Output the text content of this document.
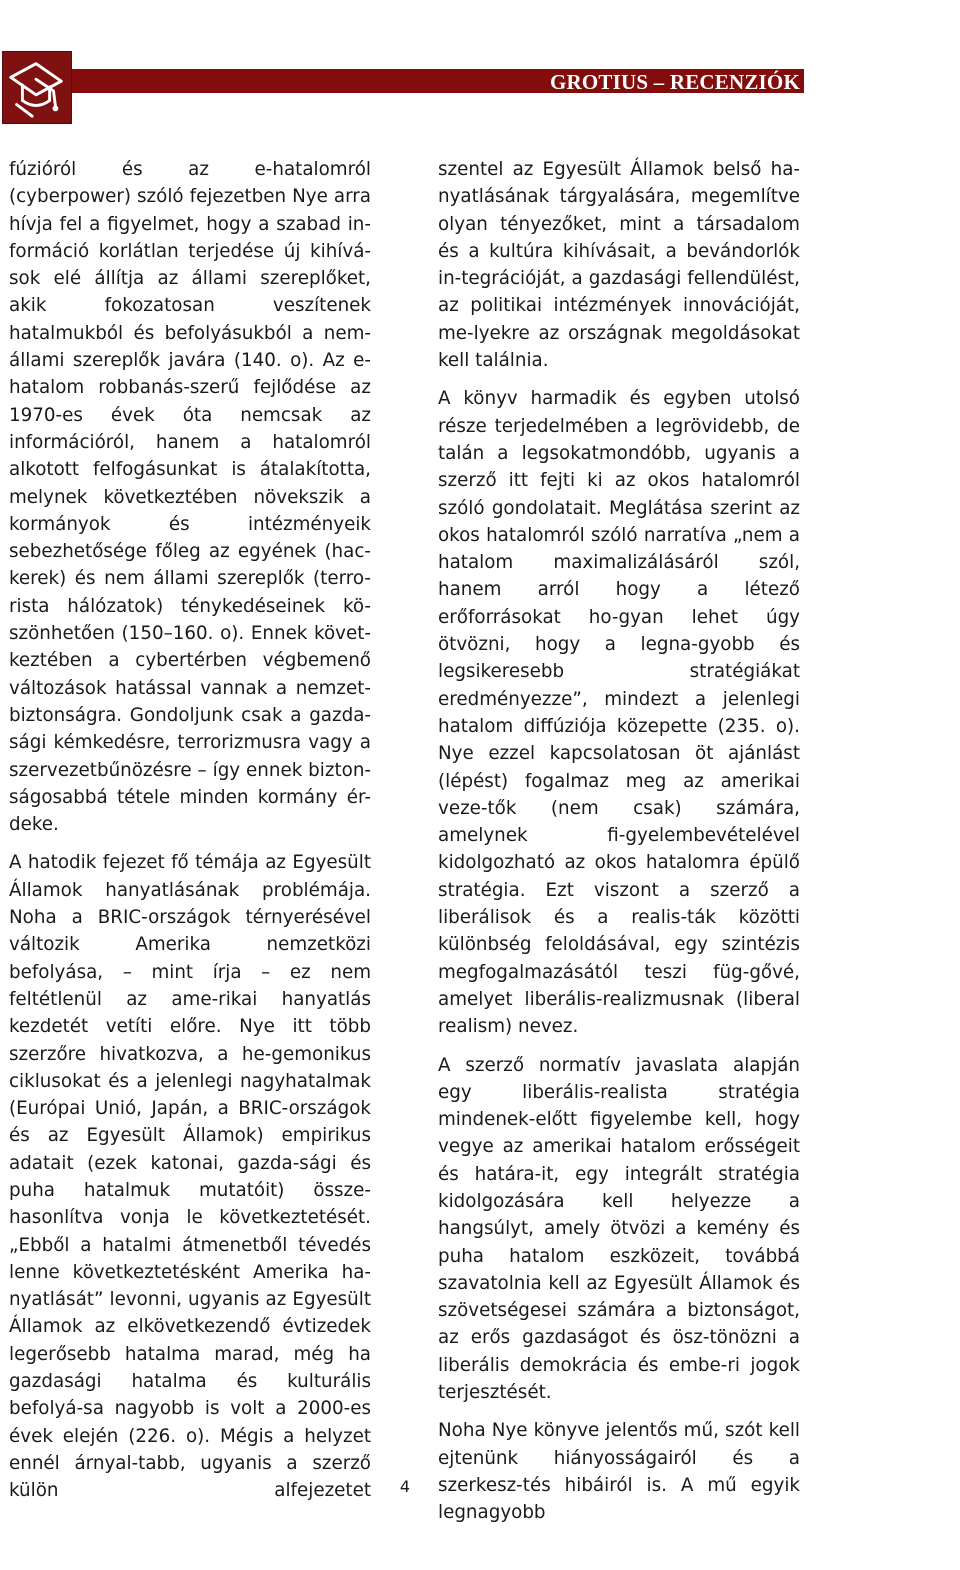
GROTIUS – RECENZIÓK

fúzióról és az e-hatalomról (cyberpower) szóló fejezetben Nye arra hívja fel a figyelmet, hogy a szabad in-formáció korlátlan terjedése új kihívá-sok elé állítja az állami szereplőket, akik fokozatosan veszítenek hatalmukból és befolyásukból a nem-állami szereplők javára (140. o). Az e-hatalom robbanás-szerű fejlődése az 1970-es évek óta nemcsak az információról, hanem a hatalomról alkotott felfogásunkat is átalakította, melynek következtében növekszik a kormányok és intézményeik sebezhetősége főleg az egyének (hac-kerek) és nem állami szereplők (terro-rista hálózatok) ténykedéseinek kö-szönhetően (150–160. o). Ennek követ-keztében a cybertérben végbemenő változások hatással vannak a nemzet-biztonságra. Gondoljunk csak a gazda-sági kémkedésre, terrorizmusra vagy a szervezetbűnözésre – így ennek bizton-ságosabbá tétele minden kormány ér-deke.

A hatodik fejezet fő témája az Egyesült Államok hanyatlásának problémája. Noha a BRIC-országok térnyerésével változik Amerika nemzetközi befolyása, – mint írja – ez nem feltétlenül az ame-rikai hanyatlás kezdetét vetíti előre. Nye itt több szerzőre hivatkozva, a he-gemonikus ciklusokat és a jelenlegi nagyhatalmak (Európai Unió, Japán, a BRIC-országok és az Egyesült Államok) empirikus adatait (ezek katonai, gazda-sági és puha hatalmuk mutatóit) össze-hasonlítva vonja le következtetését. „Ebből a hatalmi átmenetből tévedés lenne következtetésként Amerika ha-nyatlását” levonni, ugyanis az Egyesült Államok az elkövetkezendő évtizedek legerősebb hatalma marad, még ha gazdasági hatalma és kulturális befolyá-sa nagyobb is volt a 2000-es évek elején (226. o). Mégis a helyzet ennél árnyal-tabb, ugyanis a szerző külön alfejezetet

szentel az Egyesült Államok belső ha-nyatlásának tárgyalására, megemlítve olyan tényezőket, mint a társadalom és a kultúra kihívásait, a bevándorlók in-tegrációját, a gazdasági fellendülést, az politikai intézmények innovációját, me-lyekre az országnak megoldásokat kell találnia.

A könyv harmadik és egyben utolsó része terjedelmében a legrövidebb, de talán a legsokatmondóbb, ugyanis a szerző itt fejti ki az okos hatalomról szóló gondolatait. Meglátása szerint az okos hatalomról szóló narratíva „nem a hatalom maximalizálásáról szól, hanem arról hogy a létező erőforrásokat ho-gyan lehet úgy ötvözni, hogy a legna-gyobb és legsikeresebb stratégiákat eredményezze”, mindezt a jelenlegi hatalom diffúziója közepette (235. o). Nye ezzel kapcsolatosan öt ajánlást (lépést) fogalmaz meg az amerikai veze-tők (nem csak) számára, amelynek fi-gyelembevételével kidolgozható az okos hatalomra épülő stratégia. Ezt viszont a szerző a liberálisok és a realis-ták közötti különbség feloldásával, egy szintézis megfogalmazásától teszi füg-gővé, amelyet liberális-realizmusnak (liberal realism) nevez.

A szerző normatív javaslata alapján egy liberális-realista stratégia mindenek-előtt figyelembe kell, hogy vegye az amerikai hatalom erősségeit és határa-it, egy integrált stratégia kidolgozására kell helyezze a hangsúlyt, amely ötvözi a kemény és puha hatalom eszközeit, továbbá szavatolnia kell az Egyesült Államok és szövetségesei számára a biztonságot, az erős gazdaságot és ösz-tönözni a liberális demokrácia és embe-ri jogok terjesztését.

Noha Nye könyve jelentős mű, szót kell ejtenünk hiányosságairól és a szerkesz-tés hibáiról is. A mű egyik legnagyobb

4
